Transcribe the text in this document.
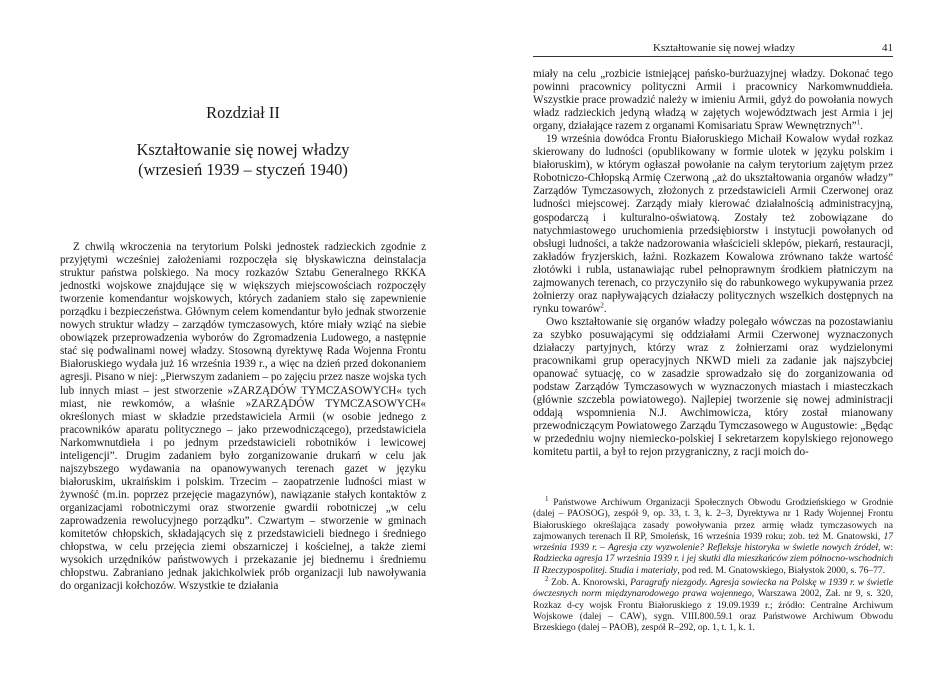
Rozdział II
Kształtowanie się nowej władzy
(wrzesień 1939 – styczeń 1940)

Z chwilą wkroczenia na terytorium Polski jednostek radzieckich zgodnie z przyjętymi wcześniej założeniami rozpoczęła się błyskawiczna deinstalacja struktur państwa polskiego. Na mocy rozkazów Sztabu Generalnego RKKA jednostki wojskowe znajdujące się w większych miejscowościach rozpoczęły tworzenie komendantur wojskowych, których zadaniem stało się zapewnienie porządku i bezpieczeństwa. Głównym celem komendantur było jednak stworzenie nowych struktur władzy – zarządów tymczasowych, które miały wziąć na siebie obowiązek przeprowadzenia wyborów do Zgromadzenia Ludowego, a następnie stać się podwalinami nowej władzy. Stosowną dyrektywę Rada Wojenna Frontu Białoruskiego wydała już 16 września 1939 r., a więc na dzień przed dokonaniem agresji. Pisano w niej: „Pierwszym zadaniem – po zajęciu przez nasze wojska tych lub innych miast – jest stworzenie »ZARZĄDÓW TYMCZASOWYCH« tych miast, nie rewkomów, a właśnie »ZARZĄDÓW TYMCZASOWYCH« określonych miast w składzie przedstawiciela Armii (w osobie jednego z pracowników aparatu politycznego – jako przewodniczącego), przedstawiciela Narkomwnutdieła i po jednym przedstawicieli robotników i lewicowej inteligencji”. Drugim zadaniem było zorganizowanie drukarń w celu jak najszybszego wydawania na opanowywanych terenach gazet w języku białoruskim, ukraińskim i polskim. Trzecim – zaopatrzenie ludności miast w żywność (m.in. poprzez przejęcie magazynów), nawiązanie stałych kontaktów z organizacjami robotniczymi oraz stworzenie gwardii robotniczej „w celu zaprowadzenia rewolucyjnego porządku”. Czwartym – stworzenie w gminach komitetów chłopskich, składających się z przedstawicieli biednego i średniego chłopstwa, w celu przejęcia ziemi obszarniczej i kościelnej, a także ziemi wysokich urzędników państwowych i przekazanie jej biednemu i średniemu chłopstwu. Zabraniano jednak jakichkolwiek prób organizacji lub nawoływania do organizacji kołchozów. Wszystkie te działania

Kształtowanie się nowej władzy	41

miały na celu „rozbicie istniejącej pańsko-burżuazyjnej władzy. Dokonać tego powinni pracownicy polityczni Armii i pracownicy Narkomwnuddieła. Wszystkie prace prowadzić należy w imieniu Armii, gdyż do powołania nowych władz radzieckich jedyną władzą w zajętych województwach jest Armia i jej organy, działające razem z organami Komisariatu Spraw Wewnętrznych”$^1$.

19 września dowódca Frontu Białoruskiego Michaił Kowalow wydał rozkaz skierowany do ludności (opublikowany w formie ulotek w języku polskim i białoruskim), w którym ogłaszał powołanie na całym terytorium zajętym przez Robotniczo-Chłopską Armię Czerwoną „aż do ukształtowania organów władzy” Zarządów Tymczasowych, złożonych z przedstawicieli Armii Czerwonej oraz ludności miejscowej. Zarządy miały kierować działalnością administracyjną, gospodarczą i kulturalno-oświatową. Zostały też zobowiązane do natychmiastowego uruchomienia przedsiębiorstw i instytucji powołanych od obsługi ludności, a także nadzorowania właścicieli sklepów, piekarń, restauracji, zakładów fryzjerskich, łaźni. Rozkazem Kowalowa zrównano także wartość złotówki i rubla, ustanawiając rubel pełnoprawnym środkiem płatniczym na zajmowanych terenach, co przyczyniło się do rabunkowego wykupywania przez żołnierzy oraz napływających działaczy politycznych wszelkich dostępnych na rynku towarów$^2$.

Owo kształtowanie się organów władzy polegało wówczas na pozostawianiu za szybko posuwającymi się oddziałami Armii Czerwonej wyznaczonych działaczy partyjnych, którzy wraz z żołnierzami oraz wydzielonymi pracownikami grup operacyjnych NKWD mieli za zadanie jak najszybciej opanować sytuację, co w zasadzie sprowadzało się do zorganizowania od podstaw Zarządów Tymczasowych w wyznaczonych miastach i miasteczkach (głównie szczebla powiatowego). Najlepiej tworzenie się nowej administracji oddają wspomnienia N.J. Awchimowicza, który został mianowany przewodniczącym Powiatowego Zarządu Tymczasowego w Augustowie: „Będąc w przededniu wojny niemiecko-polskiej I sekretarzem kopylskiego rejonowego komitetu partii, a był to rejon przygraniczny, z racji moich do-

$^1$ Państwowe Archiwum Organizacji Społecznych Obwodu Grodzieńskiego w Grodnie (dalej – PAOSOG), zespół 9, op. 33, t. 3, k. 2–3, Dyrektywa nr 1 Rady Wojennej Frontu Białoruskiego określająca zasady powoływania przez armię władz tymczasowych na zajmowanych terenach II RP, Smoleńsk, 16 września 1939 roku; zob. też M. Gnatowski, 17 września 1939 r. – Agresja czy wyzwolenie? Refleksje historyka w świetle nowych źródeł, w: Radziecka agresja 17 września 1939 r. i jej skutki dla mieszkańców ziem północno-wschodnich II Rzeczypospolitej. Studia i materiały, pod red. M. Gnatowskiego, Białystok 2000, s. 76–77.

$^2$ Zob. A. Knorowski, Paragrafy niezgody. Agresja sowiecka na Polskę w 1939 r. w świetle ówczesnych norm międzynarodowego prawa wojennego, Warszawa 2002, Zał. nr 9, s. 320, Rozkaz d-cy wojsk Frontu Białoruskiego z 19.09.1939 r.; źródło: Centralne Archiwum Wojskowe (dalej – CAW), sygn. VIII.800.59.1 oraz Państwowe Archiwum Obwodu Brzeskiego (dalej – PAOB), zespół R–292, op. 1, t. 1, k. 1.
